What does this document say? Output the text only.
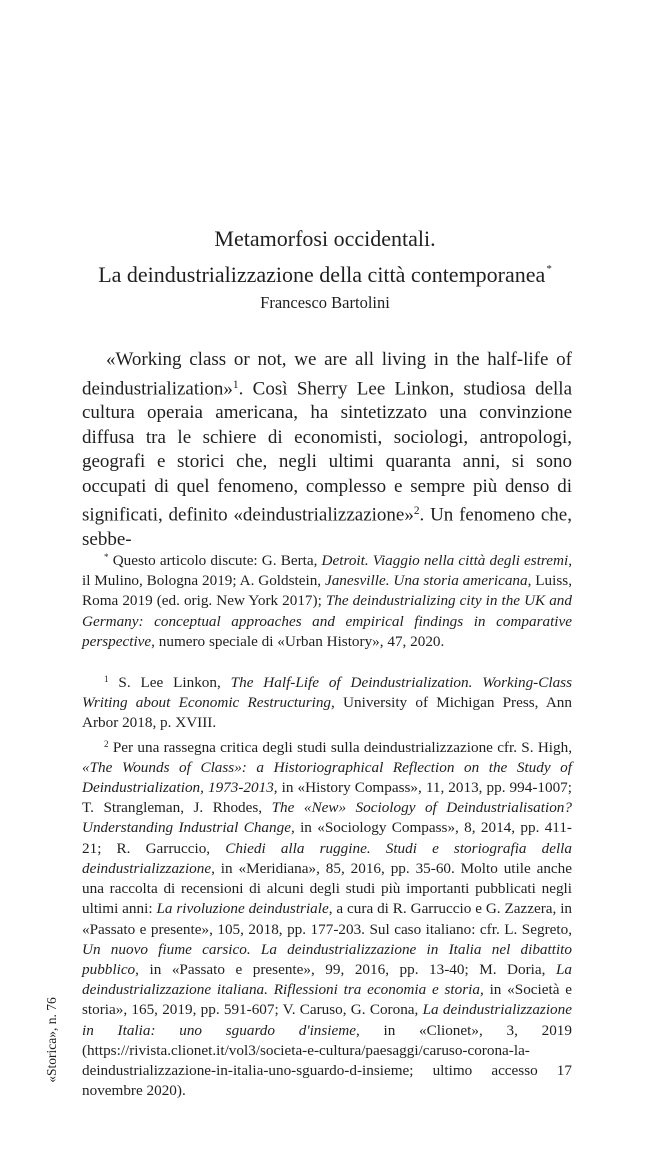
Metamorfosi occidentali.
La deindustrializzazione della città contemporanea*
Francesco Bartolini

«Working class or not, we are all living in the half-life of deindustrialization»$^1$. Così Sherry Lee Linkon, studiosa della cultura operaia americana, ha sintetizzato una convinzione diffusa tra le schiere di economisti, sociologi, antropologi, geografi e storici che, negli ultimi quaranta anni, si sono occupati di quel fenomeno, complesso e sempre più denso di significati, definito «deindustrializzazione»$^2$. Un fenomeno che, sebbe-

* Questo articolo discute: G. Berta, Detroit. Viaggio nella città degli estremi, il Mulino, Bologna 2019; A. Goldstein, Janesville. Una storia americana, Luiss, Roma 2019 (ed. orig. New York 2017); The deindustrializing city in the UK and Germany: conceptual approaches and empirical findings in comparative perspective, numero speciale di «Urban History», 47, 2020.

$^1$ S. Lee Linkon, The Half-Life of Deindustrialization. Working-Class Writing about Economic Restructuring, University of Michigan Press, Ann Arbor 2018, p. XVIII.

$^2$ Per una rassegna critica degli studi sulla deindustrializzazione cfr. S. High, «The Wounds of Class»: a Historiographical Reflection on the Study of Deindustrialization, 1973-2013, in «History Compass», 11, 2013, pp. 994-1007; T. Strangleman, J. Rhodes, The «New» Sociology of Deindustrialisation? Understanding Industrial Change, in «Sociology Compass», 8, 2014, pp. 411-21; R. Garruccio, Chiedi alla ruggine. Studi e storiografia della deindustrializzazione, in «Meridiana», 85, 2016, pp. 35-60. Molto utile anche una raccolta di recensioni di alcuni degli studi più importanti pubblicati negli ultimi anni: La rivoluzione deindustriale, a cura di R. Garruccio e G. Zazzera, in «Passato e presente», 105, 2018, pp. 177-203. Sul caso italiano: cfr. L. Segreto, Un nuovo fiume carsico. La deindustrializzazione in Italia nel dibattito pubblico, in «Passato e presente», 99, 2016, pp. 13-40; M. Doria, La deindustrializzazione italiana. Riflessioni tra economia e storia, in «Società e storia», 165, 2019, pp. 591-607; V. Caruso, G. Corona, La deindustrializzazione in Italia: uno sguardo d'insieme, in «Clionet», 3, 2019 (https://rivista.clionet.it/vol3/societa-e-cultura/paesaggi/caruso-corona-la-deindustrializzazione-in-italia-uno-sguardo-d-insieme; ultimo accesso 17 novembre 2020).

«Storica», n. 76
